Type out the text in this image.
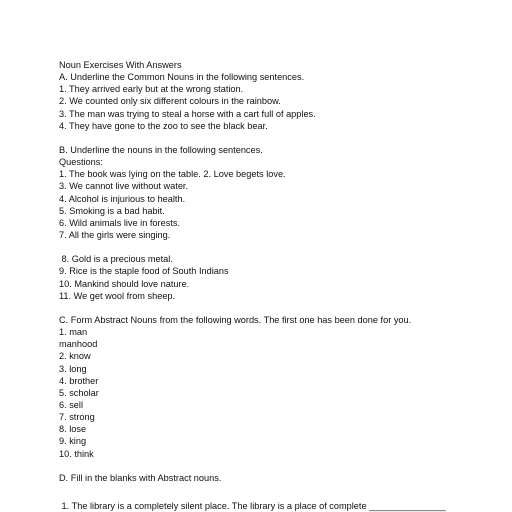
Noun Exercises With Answers
A. Underline the Common Nouns in the following sentences.
1. They arrived early but at the wrong station.
2. We counted only six different colours in the rainbow.
3. The man was trying to steal a horse with a cart full of apples.
4. They have gone to the zoo to see the black bear.
B. Underline the nouns in the following sentences.
Questions:
1. The book was lying on the table. 2. Love begets love.
3. We cannot live without water.
4. Alcohol is injurious to health.
5. Smoking is a bad habit.
6. Wild animals live in forests.
7. All the girls were singing.
8. Gold is a precious metal.
9. Rice is the staple food of South Indians
10. Mankind should love nature.
11. We get wool from sheep.
C. Form Abstract Nouns from the following words. The first one has been done for you.
1. man
manhood
2. know
3. long
4. brother
5. scholar
6. sell
7. strong
8. lose
9. king
10. think
D. Fill in the blanks with Abstract nouns.
1. The library is a completely silent place. The library is a place of complete _______________
